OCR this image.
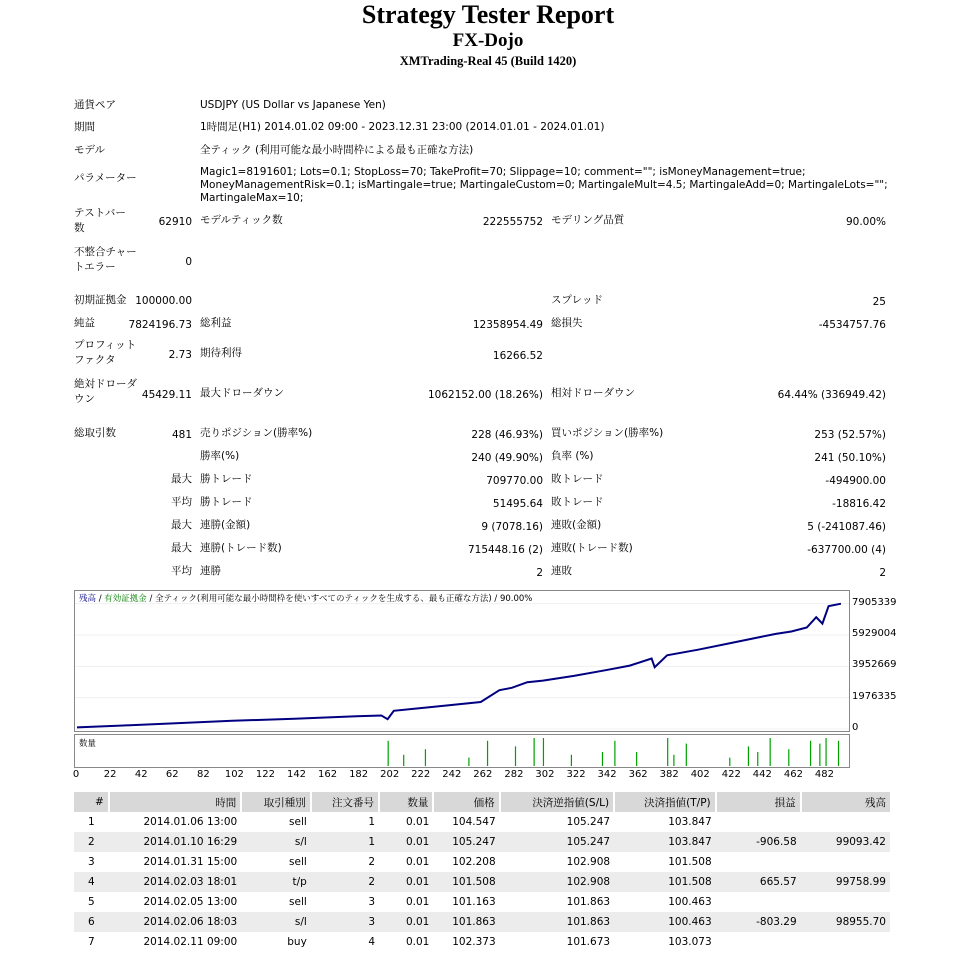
Strategy Tester Report
FX-Dojo
XMTrading-Real 45 (Build 1420)
通貨ペア	USDJPY (US Dollar vs Japanese Yen)
期間	1時間足(H1) 2014.01.02 09:00 - 2023.12.31 23:00 (2014.01.01 - 2024.01.01)
モデル	全ティック (利用可能な最小時間枠による最も正確な方法)
パラメーター	Magic1=8191601; Lots=0.1; StopLoss=70; TakeProfit=70; Slippage=10; comment=""; isMoneyManagement=true; MoneyManagementRisk=0.1; isMartingale=true; MartingaleCustom=0; MartingaleMult=4.5; MartingaleAdd=0; MartingaleLots=""; MartingaleMax=10;
テストバー数	62910 モデルティック数	222555752 モデリング品質	90.00%
不整合チャートエラー	0
初期証拠金 100000.00	スプレッド	25
純益	7824196.73 総利益	12358954.49 総損失	-4534757.76
プロフィットファクタ	2.73 期待利得	16266.52
絶対ドローダウン	45429.11 最大ドローダウン	1062152.00 (18.26%) 相対ドローダウン	64.44% (336949.42)
総取引数	481 売りポジション(勝率%)	228 (46.93%) 買いポジション(勝率%)	253 (52.57%)
勝率(%)	240 (49.90%) 負率 (%)	241 (50.10%)
最大 勝トレード	709770.00 敗トレード	-494900.00
平均 勝トレード	51495.64 敗トレード	-18816.42
最大 連勝(金額)	9 (7078.16) 連敗(金額)	5 (-241087.46)
最大 連勝(トレード数)	715448.16 (2) 連敗(トレード数)	-637700.00 (4)
平均 連勝	2 連敗	2
残高 / 有効証拠金 / 全ティック(利用可能な最小時間枠を使いすべてのティックを生成する、最も正確な方法) / 90.00%	7905339
5929004
3952669
1976335
0
数量
0	22	42	62	82	102	122	142	162	182	202	222	242	262	282	302	322	342	362	382	402	422	442	462	482
#	時間	取引種別	注文番号	数量	価格	決済逆指値(S/L)	決済指値(T/P)	損益	残高
1	2014.01.06 13:00	sell	1	0.01	104.547	105.247	103.847		
2	2014.01.10 16:29	s/l	1	0.01	105.247	105.247	103.847	-906.58	99093.42
3	2014.01.31 15:00	sell	2	0.01	102.208	102.908	101.508		
4	2014.02.03 18:01	t/p	2	0.01	101.508	102.908	101.508	665.57	99758.99
5	2014.02.05 13:00	sell	3	0.01	101.163	101.863	100.463		
6	2014.02.06 18:03	s/l	3	0.01	101.863	101.863	100.463	-803.29	98955.70
7	2014.02.11 09:00	buy	4	0.01	102.373	101.673	103.073		
